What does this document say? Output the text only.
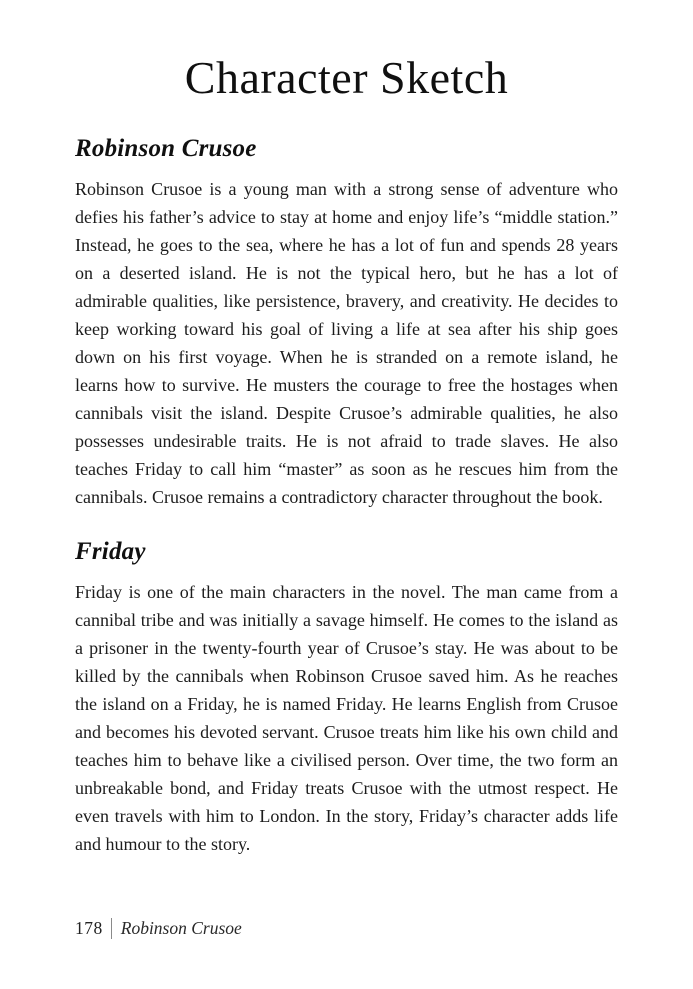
Character Sketch
Robinson Crusoe

Robinson Crusoe is a young man with a strong sense of adventure who defies his father’s advice to stay at home and enjoy life’s “middle station.” Instead, he goes to the sea, where he has a lot of fun and spends 28 years on a deserted island. He is not the typical hero, but he has a lot of admirable qualities, like persistence, bravery, and creativity. He decides to keep working toward his goal of living a life at sea after his ship goes down on his first voyage. When he is stranded on a remote island, he learns how to survive. He musters the courage to free the hostages when cannibals visit the island. Despite Crusoe’s admirable qualities, he also possesses undesirable traits. He is not afraid to trade slaves. He also teaches Friday to call him “master” as soon as he rescues him from the cannibals. Crusoe remains a contradictory character throughout the book.

Friday

Friday is one of the main characters in the novel. The man came from a cannibal tribe and was initially a savage himself. He comes to the island as a prisoner in the twenty-fourth year of Crusoe’s stay. He was about to be killed by the cannibals when Robinson Crusoe saved him. As he reaches the island on a Friday, he is named Friday. He learns English from Crusoe and becomes his devoted servant. Crusoe treats him like his own child and teaches him to behave like a civilised person. Over time, the two form an unbreakable bond, and Friday treats Crusoe with the utmost respect. He even travels with him to London. In the story, Friday’s character adds life and humour to the story.

178 Robinson Crusoe
